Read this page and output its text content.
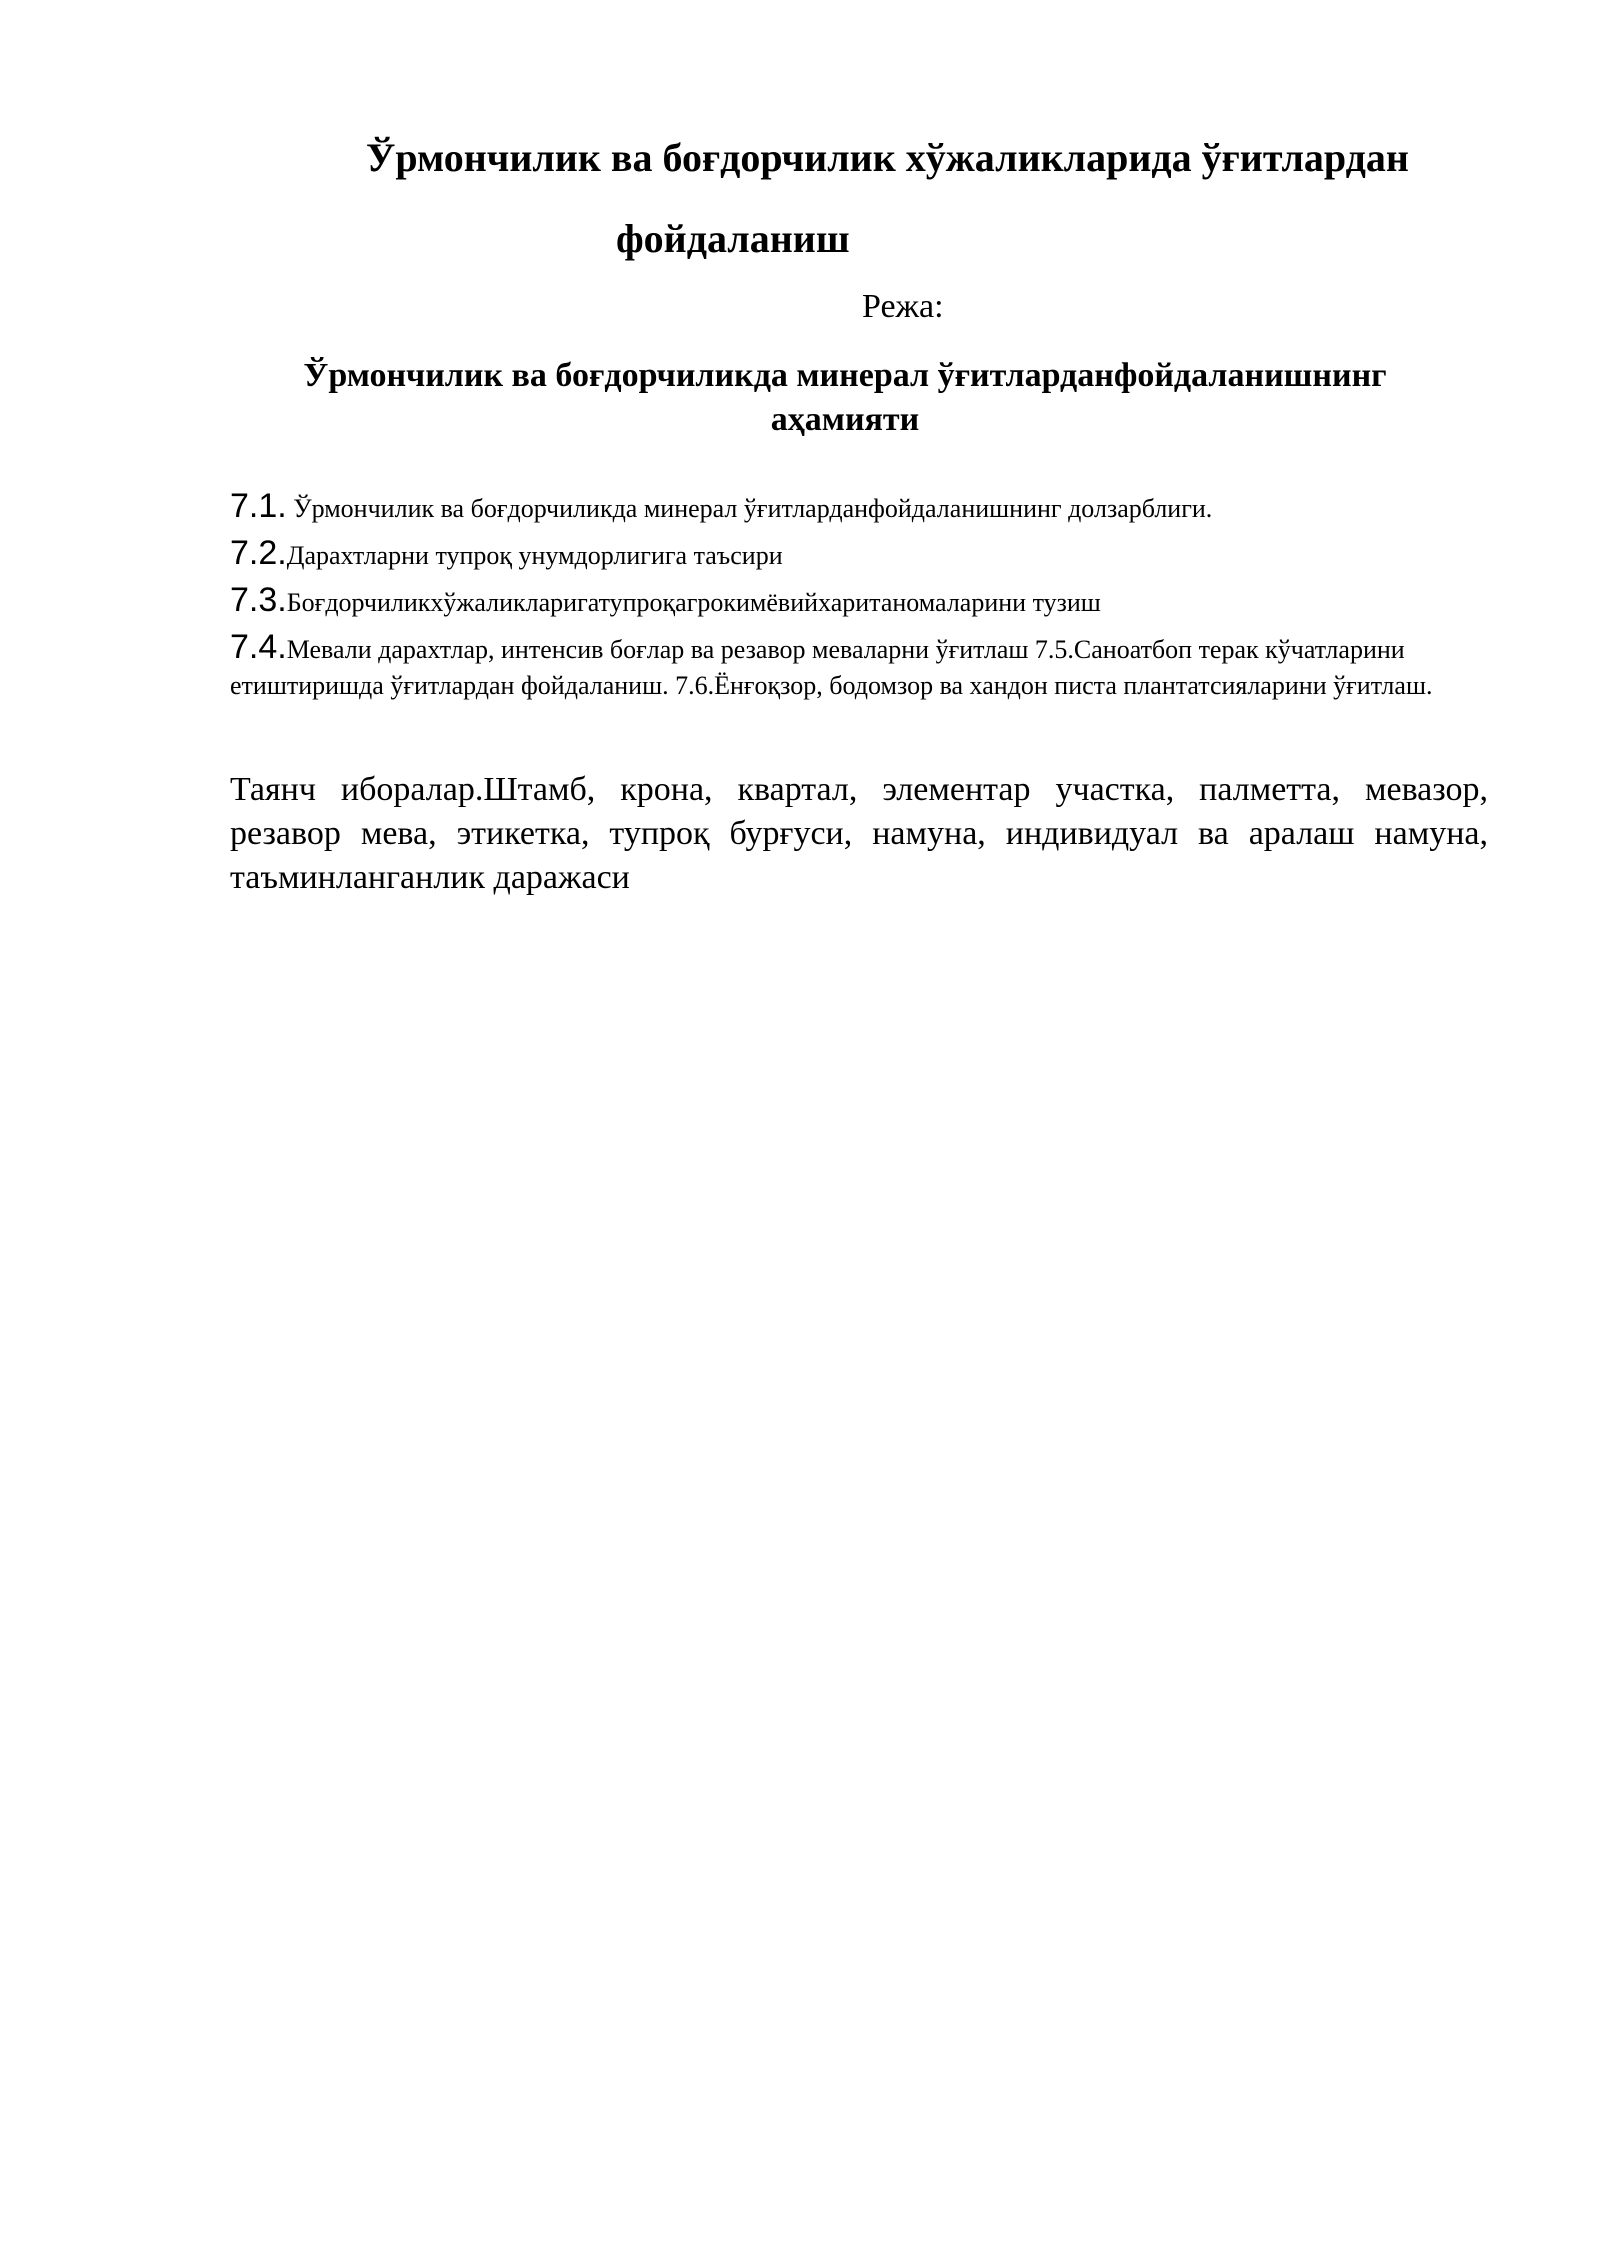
Ўрмончилик ва боғдорчилик хўжаликларида ўғитлардан
фойдаланиш
Режа:
Ўрмончилик ва боғдорчиликда минерал ўғитларданфойдаланишнинг аҳамияти
7.1. Ўрмончилик ва боғдорчиликда минерал ўғитларданфойдаланишнинг долзарблиги.
7.2.Дарахтларни тупроқ унумдорлигига таъсири
7.3.Боғдорчиликхўжаликларигатупроқагрокимёвийхаританомаларини тузиш
7.4.Мевали дарахтлар, интенсив боғлар ва резавор меваларни ўғитлаш 7.5.Саноатбоп терак кўчатларини етиштиришда ўғитлардан фойдаланиш. 7.6.Ёнғоқзор, бодомзор ва хандон писта плантатсияларини ўғитлаш.
Таянч иборалар.Штамб, крона, квартал, элементар участка, палметта, мевазор, резавор мева, этикетка, тупроқ бурғуси, намуна, индивидуал ва аралаш намуна, таъминланганлик даражаси
